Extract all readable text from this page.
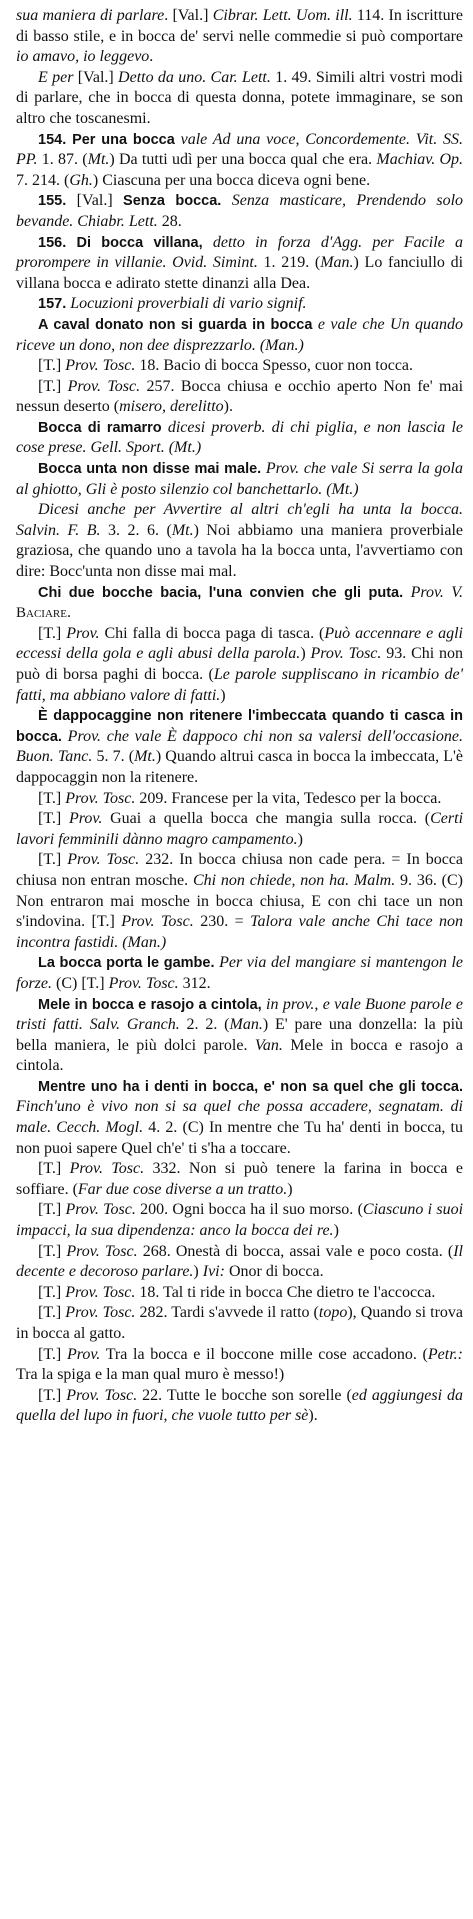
sua maniera di parlare. [Val.] Cibrar. Lett. Uom. ill. 114. In iscritture di basso stile, e in bocca de' servi nelle commedie si può comportare io amavo, io leggevo.

E per [Val.] Detto da uno. Car. Lett. 1. 49. Simili altri vostri modi di parlare, che in bocca di questa donna, potete immaginare, se son altro che toscanesmi.

154. Per una bocca vale Ad una voce, Concordemente. Vit. SS. PP. 1. 87. (Mt.) Da tutti udì per una bocca qual che era. Machiav. Op. 7. 214. (Gh.) Ciascuna per una bocca diceva ogni bene.

155. [Val.] Senza bocca. Senza masticare, Prendendo solo bevande. Chiabr. Lett. 28.

156. Di bocca villana, detto in forza d'Agg. per Facile a prorompere in villanie. Ovid. Simint. 1. 219. (Man.) Lo fanciullo di villana bocca e adirato stette dinanzi alla Dea.

157. Locuzioni proverbiali di vario signif.

A caval donato non si guarda in bocca e vale che Un quando riceve un dono, non dee disprezzarlo. (Man.)

[T.] Prov. Tosc. 18. Bacio di bocca Spesso, cuor non tocca.

[T.] Prov. Tosc. 257. Bocca chiusa e occhio aperto Non fe' mai nessun deserto (misero, derelitto).

Bocca di ramarro dicesi proverb. di chi piglia, e non lascia le cose prese. Gell. Sport. (Mt.)

Bocca unta non disse mai male. Prov. che vale Si serra la gola al ghiotto, Gli è posto silenzio col banchettarlo. (Mt.)

Dicesi anche per Avvertire al altri ch'egli ha unta la bocca. Salvin. F. B. 3. 2. 6. (Mt.) Noi abbiamo una maniera proverbiale graziosa, che quando uno a tavola ha la bocca unta, l'avvertiamo con dire: Bocc'unta non disse mai mal.

Chi due bocche bacia, l'una convien che gli puta. Prov. V. Baciare.

[T.] Prov. Chi falla di bocca paga di tasca. (Può accennare e agli eccessi della gola e agli abusi della parola.) Prov. Tosc. 93. Chi non può di borsa paghi di bocca. (Le parole suppliscano in ricambio de' fatti, ma abbiano valore di fatti.)

È dappocaggine non ritenere l'imbeccata quando ti casca in bocca. Prov. che vale È dappoco chi non sa valersi dell'occasione. Buon. Tanc. 5. 7. (Mt.) Quando altrui casca in bocca la imbeccata, L'è dappocaggin non la ritenere.

[T.] Prov. Tosc. 209. Francese per la vita, Tedesco per la bocca.

[T.] Prov. Guai a quella bocca che mangia sulla rocca. (Certi lavori femminili dànno magro campamento.)

[T.] Prov. Tosc. 232. In bocca chiusa non cade pera. = In bocca chiusa non entran mosche. Chi non chiede, non ha. Malm. 9. 36. (C) Non entraron mai mosche in bocca chiusa, E con chi tace un non s'indovina. [T.] Prov. Tosc. 230. = Talora vale anche Chi tace non incontra fastidi. (Man.)

La bocca porta le gambe. Per via del mangiare si mantengon le forze. (C) [T.] Prov. Tosc. 312.

Mele in bocca e rasojo a cintola, in prov., e vale Buone parole e tristi fatti. Salv. Granch. 2. 2. (Man.) E' pare una donzella: la più bella maniera, le più dolci parole. Van. Mele in bocca e rasojo a cintola.

Mentre uno ha i denti in bocca, e' non sa quel che gli tocca. Finch'uno è vivo non si sa quel che possa accadere, segnatam. di male. Cecch. Mogl. 4. 2. (C) In mentre che Tu ha' denti in bocca, tu non puoi sapere Quel ch'e' ti s'ha a toccare.

[T.] Prov. Tosc. 332. Non si può tenere la farina in bocca e soffiare. (Far due cose diverse a un tratto.)

[T.] Prov. Tosc. 200. Ogni bocca ha il suo morso. (Ciascuno i suoi impacci, la sua dipendenza: anco la bocca dei re.)

[T.] Prov. Tosc. 268. Onestà di bocca, assai vale e poco costa. (Il decente e decoroso parlare.) Ivi: Onor di bocca.

[T.] Prov. Tosc. 18. Tal ti ride in bocca Che dietro te l'accocca.

[T.] Prov. Tosc. 282. Tardi s'avvede il ratto (topo), Quando si trova in bocca al gatto.

[T.] Prov. Tra la bocca e il boccone mille cose accadono. (Petr.: Tra la spiga e la man qual muro è messo!)

[T.] Prov. Tosc. 22. Tutte le bocche son sorelle (ed aggiungesi da quella del lupo in fuori, che vuole tutto per sè).
